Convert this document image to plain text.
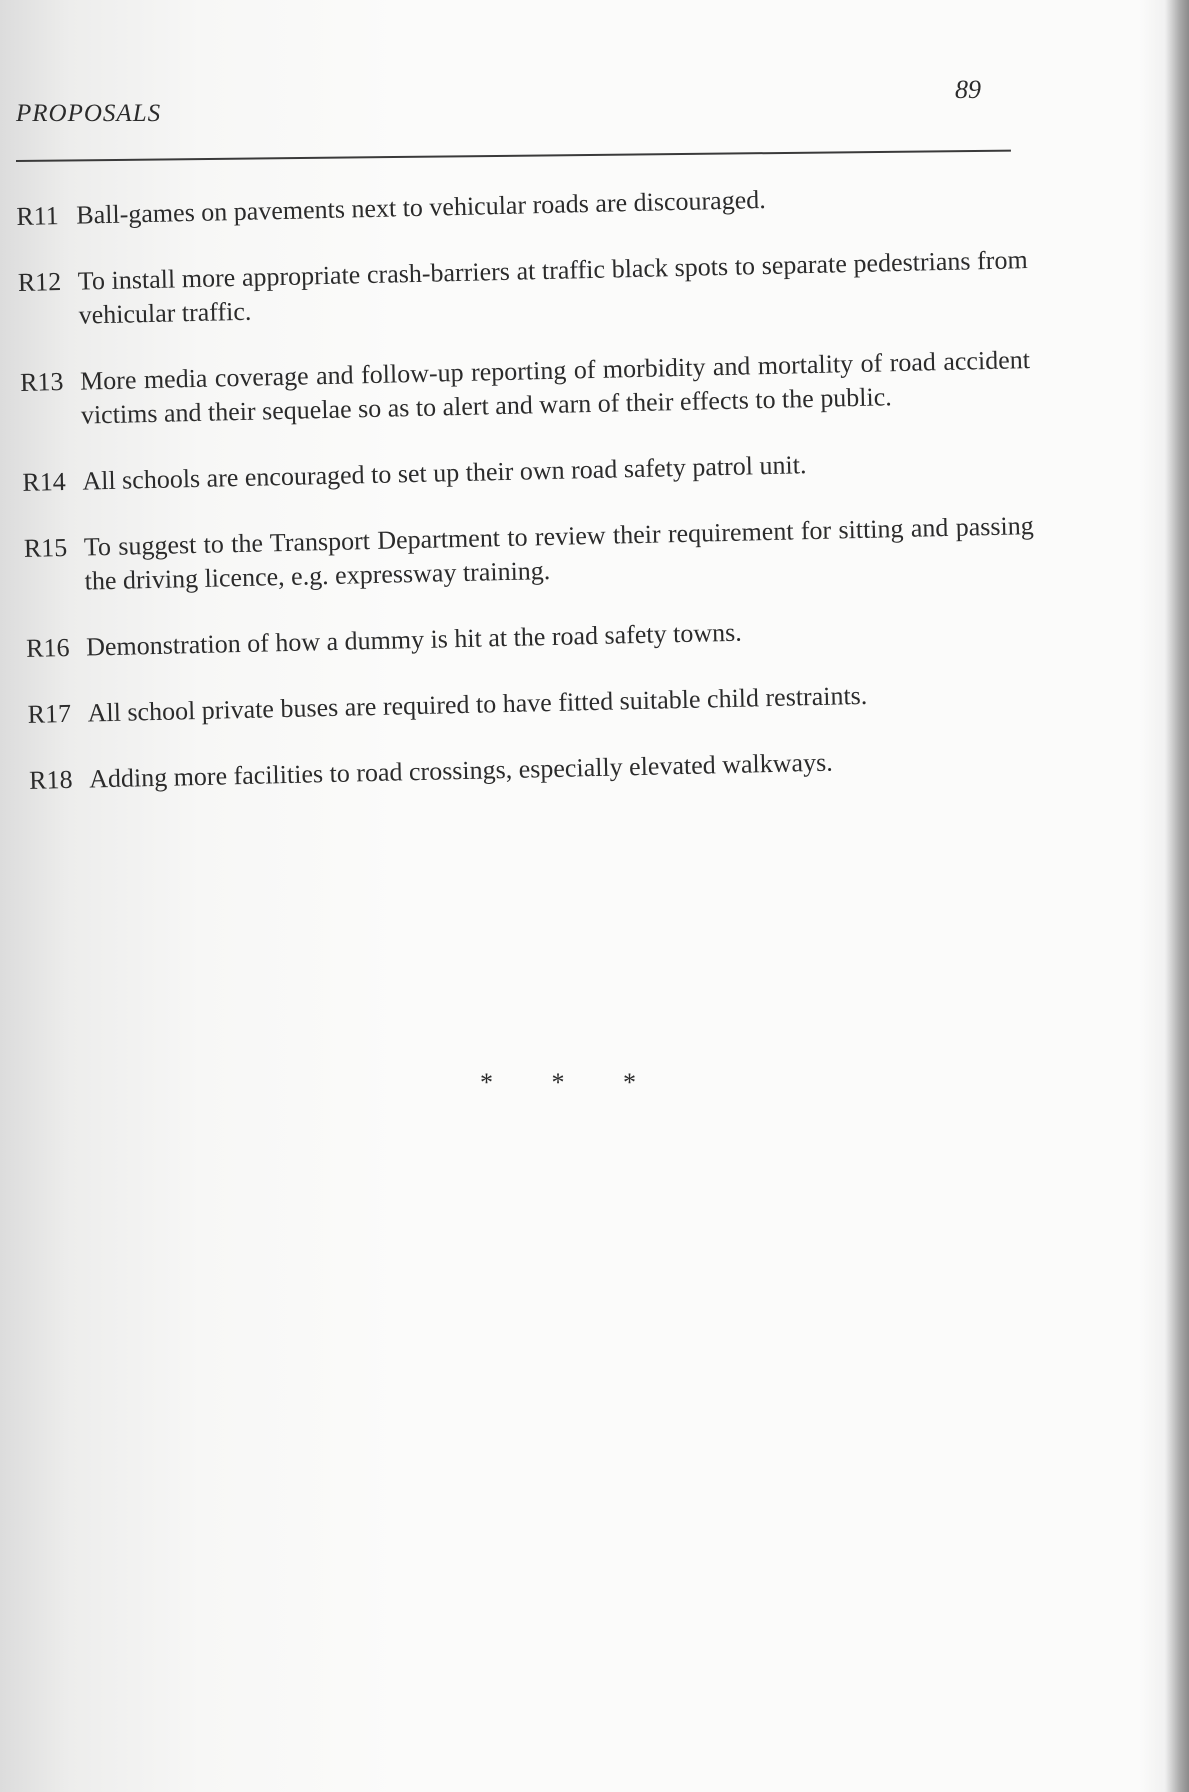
PROPOSALS
89
R11 Ball-games on pavements next to vehicular roads are discouraged.
R12 To install more appropriate crash-barriers at traffic black spots to separate pedestrians from vehicular traffic.
R13 More media coverage and follow-up reporting of morbidity and mortality of road accident victims and their sequelae so as to alert and warn of their effects to the public.
R14 All schools are encouraged to set up their own road safety patrol unit.
R15 To suggest to the Transport Department to review their requirement for sitting and passing the driving licence, e.g. expressway training.
R16 Demonstration of how a dummy is hit at the road safety towns.
R17 All school private buses are required to have fitted suitable child restraints.
R18 Adding more facilities to road crossings, especially elevated walkways.
* * *
